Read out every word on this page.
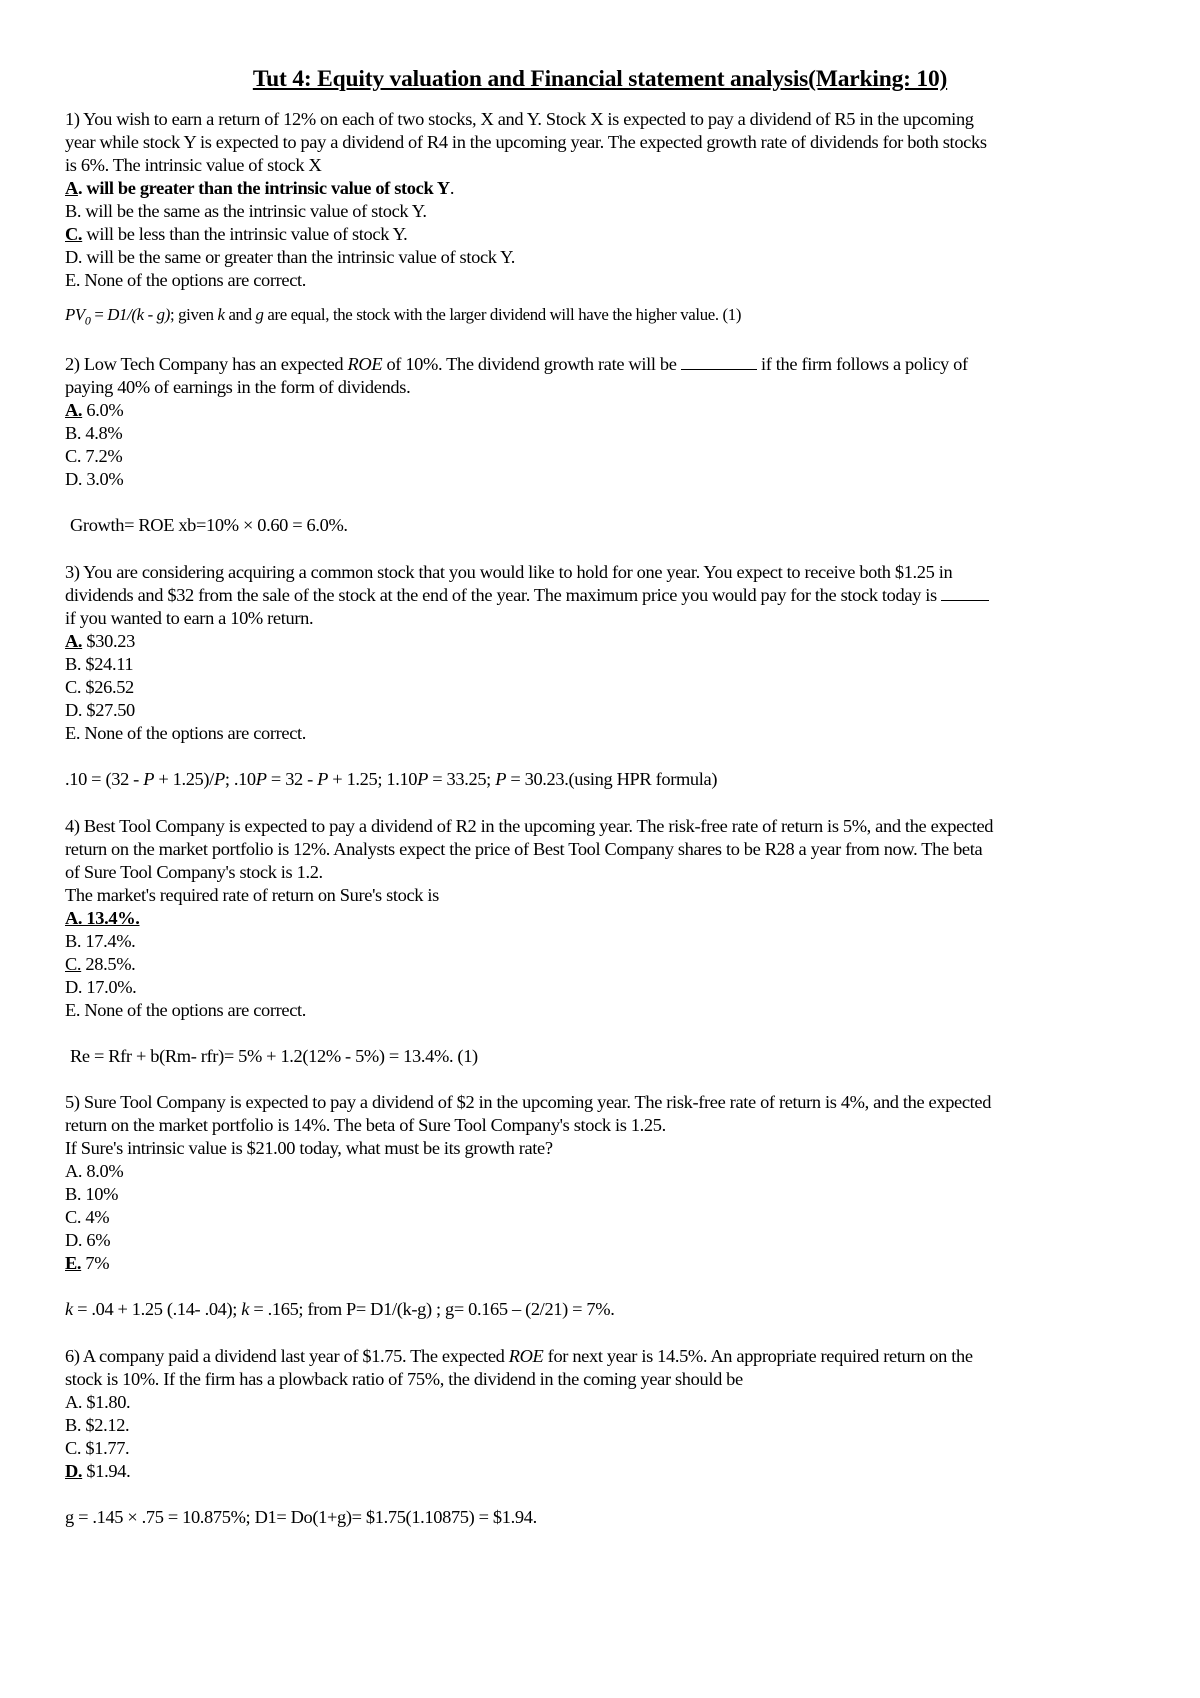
Tut 4: Equity valuation and Financial statement analysis(Marking: 10)
1) You wish to earn a return of 12% on each of two stocks, X and Y. Stock X is expected to pay a dividend of R5 in the upcoming
year while stock Y is expected to pay a dividend of R4 in the upcoming year. The expected growth rate of dividends for both stocks
is 6%. The intrinsic value of stock X
A. will be greater than the intrinsic value of stock Y.
B. will be the same as the intrinsic value of stock Y.
C. will be less than the intrinsic value of stock Y.
D. will be the same or greater than the intrinsic value of stock Y.
E. None of the options are correct.
$PV_0 = D1/(k - g)$; given k and g are equal, the stock with the larger dividend will have the higher value. (1)
2) Low Tech Company has an expected ROE of 10%. The dividend growth rate will be	if the firm follows a policy of
paying 40% of earnings in the form of dividends.
A. 6.0%
B. 4.8%
C. 7.2%
D. 3.0%
Growth= ROE xb=10% × 0.60 = 6.0%.
3) You are considering acquiring a common stock that you would like to hold for one year. You expect to receive both $1.25 in
dividends and $32 from the sale of the stock at the end of the year. The maximum price you would pay for the stock today is
if you wanted to earn a 10% return.
A. $30.23
B. $24.11
C. $26.52
D. $27.50
E. None of the options are correct.
.10 = (32 - P + 1.25)/P; .10P = 32 - P + 1.25; 1.10P = 33.25; P = 30.23.(using HPR formula)
4) Best Tool Company is expected to pay a dividend of R2 in the upcoming year. The risk-free rate of return is 5%, and the expected
return on the market portfolio is 12%. Analysts expect the price of Best Tool Company shares to be R28 a year from now. The beta
of Sure Tool Company's stock is 1.2.
The market's required rate of return on Sure's stock is
A. 13.4%.
B. 17.4%.
C. 28.5%.
D. 17.0%.
E. None of the options are correct.
Re = Rfr + b(Rm- rfr)= 5% + 1.2(12% - 5%) = 13.4%. (1)
5) Sure Tool Company is expected to pay a dividend of $2 in the upcoming year. The risk-free rate of return is 4%, and the expected
return on the market portfolio is 14%. The beta of Sure Tool Company's stock is 1.25.
If Sure's intrinsic value is $21.00 today, what must be its growth rate?
A. 8.0%
B. 10%
C. 4%
D. 6%
E. 7%
k = .04 + 1.25 (.14- .04); k = .165; from P= D1/(k-g) ; g= 0.165 – (2/21) = 7%.
6) A company paid a dividend last year of $1.75. The expected ROE for next year is 14.5%. An appropriate required return on the
stock is 10%. If the firm has a plowback ratio of 75%, the dividend in the coming year should be
A. $1.80.
B. $2.12.
C. $1.77.
D. $1.94.
g = .145 × .75 = 10.875%; D1= Do(1+g)= $1.75(1.10875) = $1.94.
